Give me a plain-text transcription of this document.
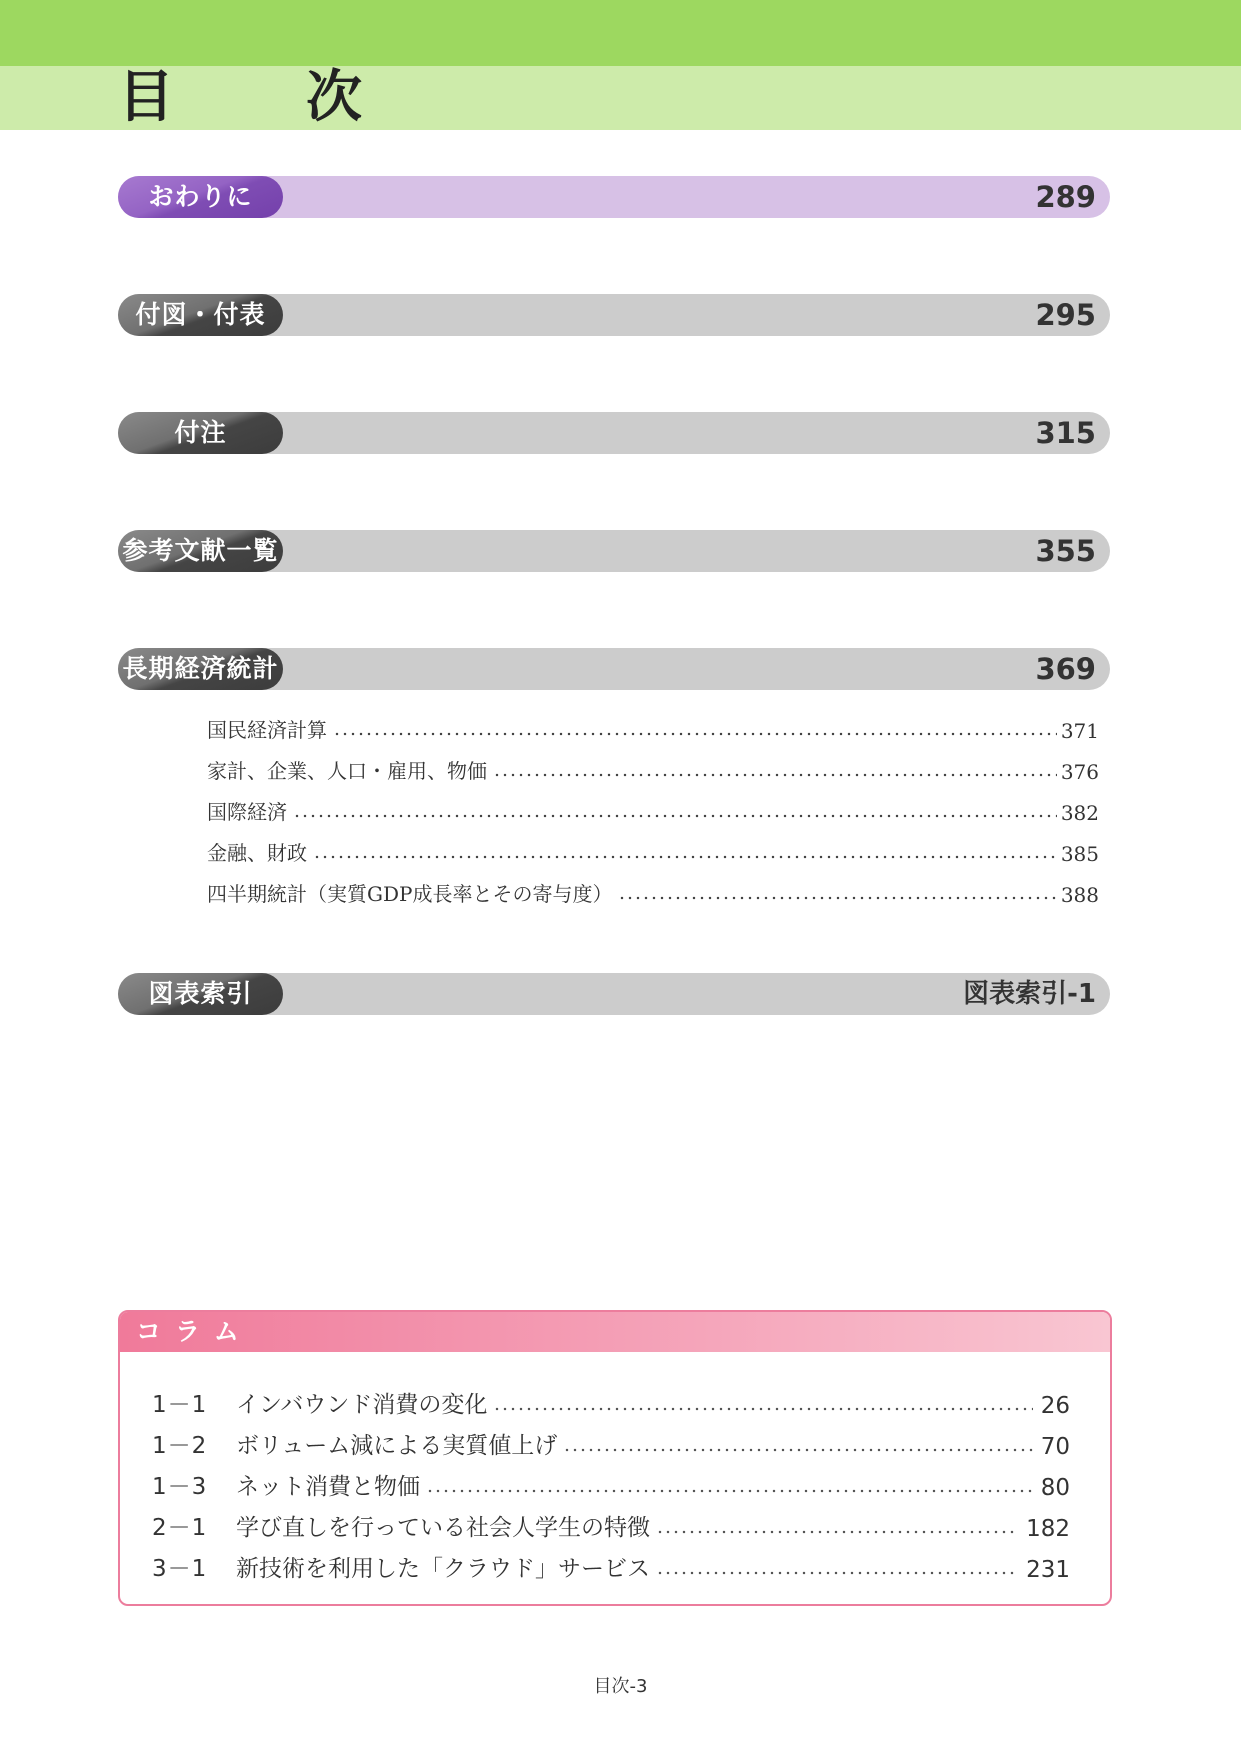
目　次
おわりに	289
付図・付表	295
付注	315
参考文献一覧	355
長期経済統計	369
国民経済計算	371
家計、企業、人口・雇用、物価	376
国際経済	382
金融、財政	385
四半期統計（実質GDP成長率とその寄与度）	388
図表索引	図表索引-1
コラム
1－1	インバウンド消費の変化	26
1－2	ボリューム減による実質値上げ	70
1－3	ネット消費と物価	80
2－1	学び直しを行っている社会人学生の特徴	182
3－1	新技術を利用した「クラウド」サービス	231
目次-3
